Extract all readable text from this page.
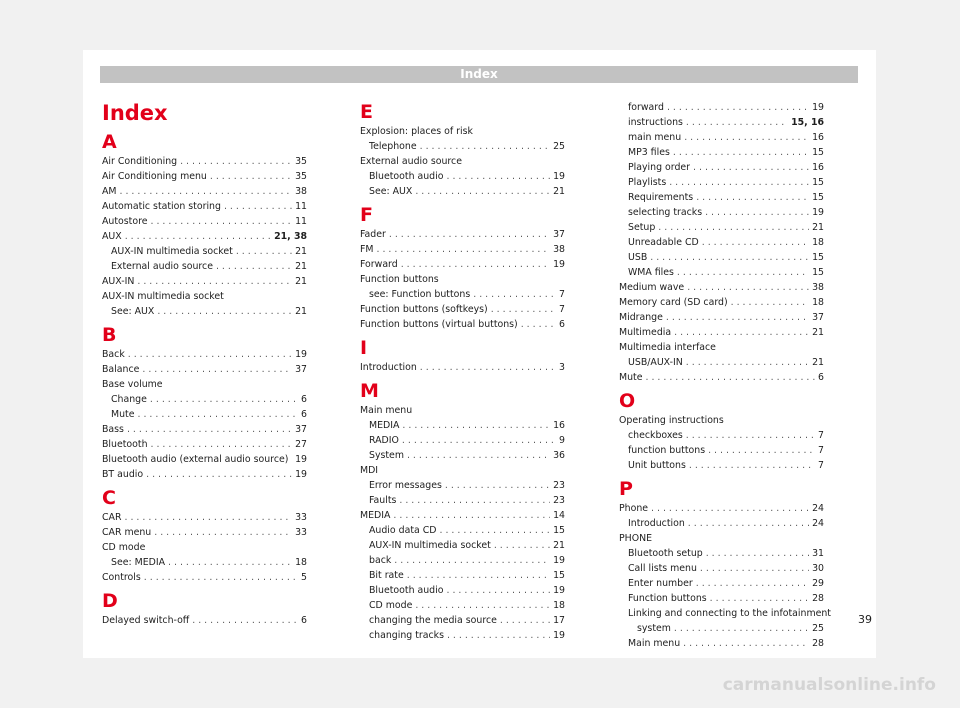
Index
Index
A
Air Conditioning . . .	35
Air Conditioning menu . . .	35
AM . . .	38
Automatic station storing . . .	11
Autostore . . .	11
AUX . . .	21, 38
AUX-IN multimedia socket . . .	21
External audio source . . .	21
AUX-IN . . .	21
AUX-IN multimedia socket
See: AUX . . .	21
B
Back . . .	19
Balance . . .	37
Base volume
Change . . .	6
Mute . . .	6
Bass . . .	37
Bluetooth . . .	27
Bluetooth audio (external audio source) . . . 19
BT audio . . .	19
C
CAR . . .	33
CAR menu . . .	33
CD mode
See: MEDIA . . .	18
Controls . . .	5
D
Delayed switch-off . . .	6
E
Explosion: places of risk
Telephone . . .	25
External audio source
Bluetooth audio . . .	19
See: AUX . . .	21
F
Fader . . .	37
FM . . .	38
Forward . . .	19
Function buttons
see: Function buttons . . .	7
Function buttons (softkeys) . . .	7
Function buttons (virtual buttons) . . .	6
I
Introduction . . .	3
M
Main menu
MEDIA . . .	16
RADIO . . .	9
System . . .	36
MDI
Error messages . . .	23
Faults . . .	23
MEDIA . . .	14
Audio data CD . . .	15
AUX-IN multimedia socket . . .	21
back . . .	19
Bit rate . . .	15
Bluetooth audio . . .	19
CD mode . . .	18
changing the media source . . .	17
changing tracks . . .	19
forward . . .	19
instructions . . .	15, 16
main menu . . .	16
MP3 files . . .	15
Playing order . . .	16
Playlists . . .	15
Requirements . . .	15
selecting tracks . . .	19
Setup . . .	21
Unreadable CD . . .	18
USB . . .	15
WMA files . . .	15
Medium wave . . .	38
Memory card (SD card) . . .	18
Midrange . . .	37
Multimedia . . .	21
Multimedia interface
USB/AUX-IN . . .	21
Mute . . .	6
O
Operating instructions
checkboxes . . .	7
function buttons . . .	7
Unit buttons . . .	7
P
Phone . . .	24
Introduction . . .	24
PHONE
Bluetooth setup . . .	31
Call lists menu . . .	30
Enter number . . .	29
Function buttons . . .	28
Linking and connecting to the infotainment
system . . .	25
Main menu . . .	28
39
carmanualsonline.info
